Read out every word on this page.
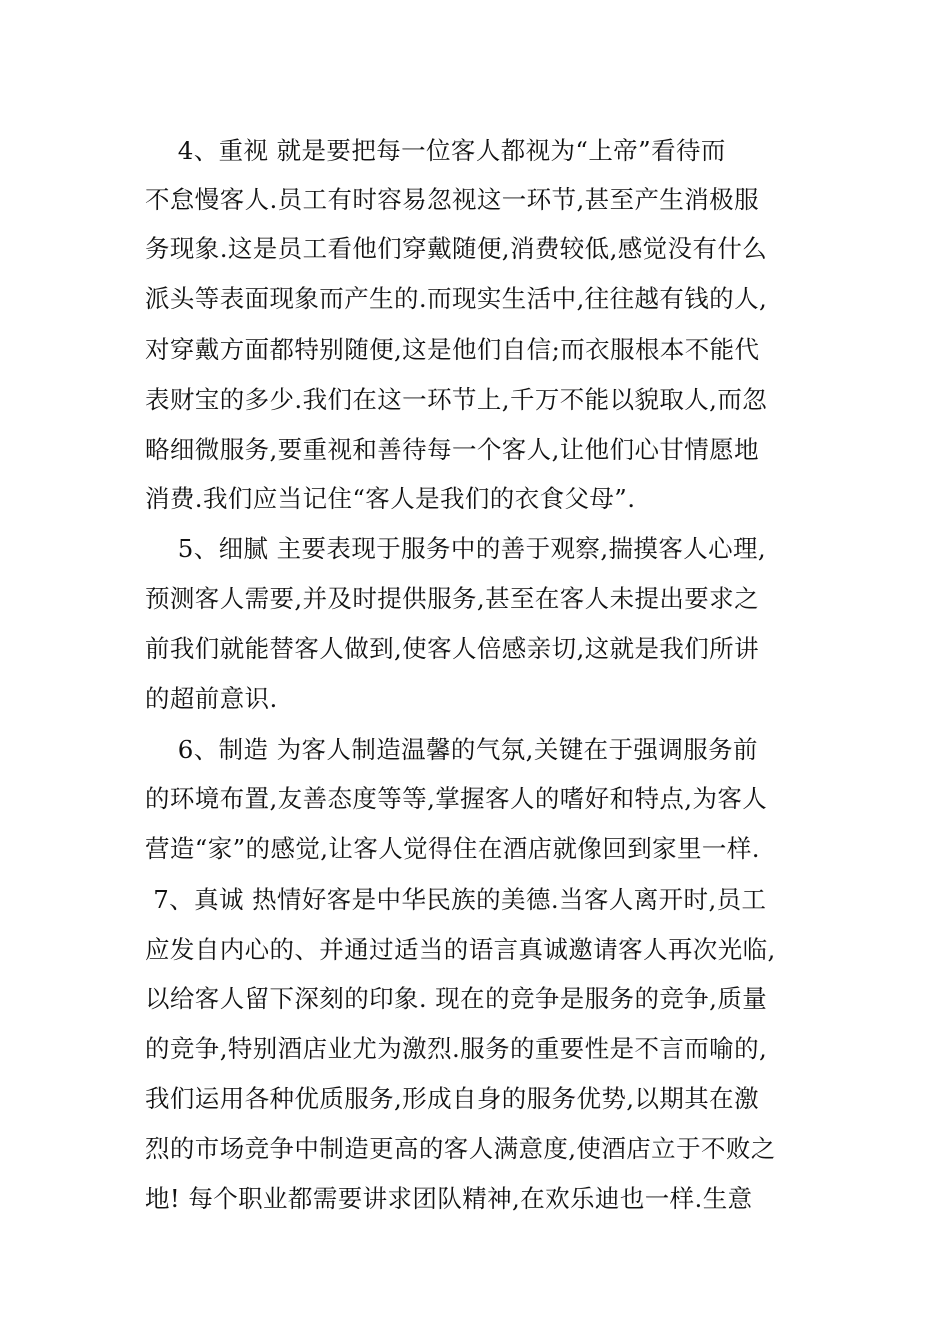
4、重视 就是要把每一位客人都视为“上帝”看待而
不怠慢客人.员工有时容易忽视这一环节,甚至产生消极服
务现象.这是员工看他们穿戴随便,消费较低,感觉没有什么
派头等表面现象而产生的.而现实生活中,往往越有钱的人,
对穿戴方面都特别随便,这是他们自信;而衣服根本不能代
表财宝的多少.我们在这一环节上,千万不能以貌取人,而忽
略细微服务,要重视和善待每一个客人,让他们心甘情愿地
消费.我们应当记住“客人是我们的衣食父母”.
5、细腻 主要表现于服务中的善于观察,揣摸客人心理,
预测客人需要,并及时提供服务,甚至在客人未提出要求之
前我们就能替客人做到,使客人倍感亲切,这就是我们所讲
的超前意识.
6、制造 为客人制造温馨的气氛,关键在于强调服务前
的环境布置,友善态度等等,掌握客人的嗜好和特点,为客人
营造“家”的感觉,让客人觉得住在酒店就像回到家里一样.
7、真诚 热情好客是中华民族的美德.当客人离开时,员工
应发自内心的、并通过适当的语言真诚邀请客人再次光临,
以给客人留下深刻的印象. 现在的竞争是服务的竞争,质量
的竞争,特别酒店业尤为激烈.服务的重要性是不言而喻的,
我们运用各种优质服务,形成自身的服务优势,以期其在激
烈的市场竞争中制造更高的客人满意度,使酒店立于不败之
地! 每个职业都需要讲求团队精神,在欢乐迪也一样.生意
